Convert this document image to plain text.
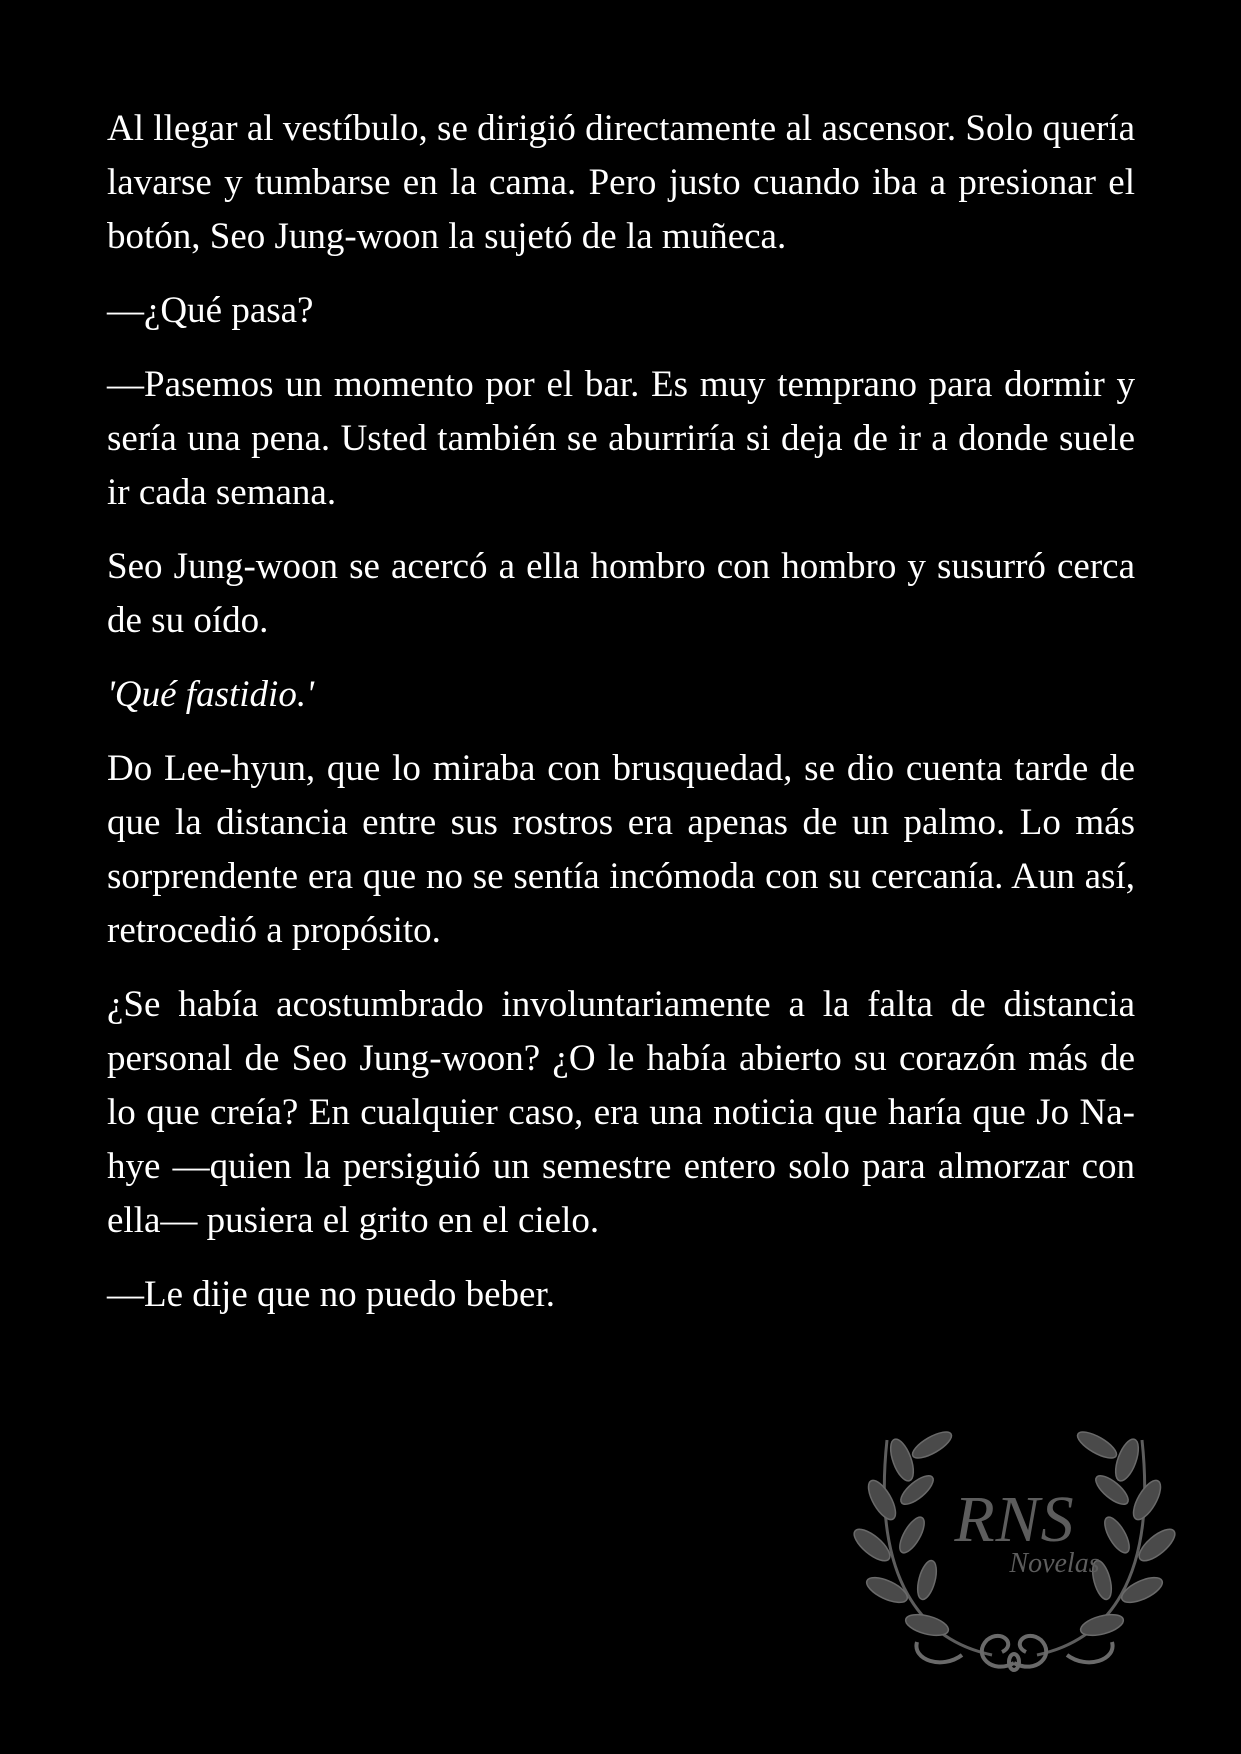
Al llegar al vestíbulo, se dirigió directamente al ascensor. Solo quería lavarse y tumbarse en la cama. Pero justo cuando iba a presionar el botón, Seo Jung-woon la sujetó de la muñeca.

—¿Qué pasa?

—Pasemos un momento por el bar. Es muy temprano para dormir y sería una pena. Usted también se aburriría si deja de ir a donde suele ir cada semana.

Seo Jung-woon se acercó a ella hombro con hombro y susurró cerca de su oído.

'Qué fastidio.'

Do Lee-hyun, que lo miraba con brusquedad, se dio cuenta tarde de que la distancia entre sus rostros era apenas de un palmo. Lo más sorprendente era que no se sentía incómoda con su cercanía. Aun así, retrocedió a propósito.

¿Se había acostumbrado involuntariamente a la falta de distancia personal de Seo Jung-woon? ¿O le había abierto su corazón más de lo que creía? En cualquier caso, era una noticia que haría que Jo Na-hye —quien la persiguió un semestre entero solo para almorzar con ella— pusiera el grito en el cielo.

—Le dije que no puedo beber.

RNS
Novelas
